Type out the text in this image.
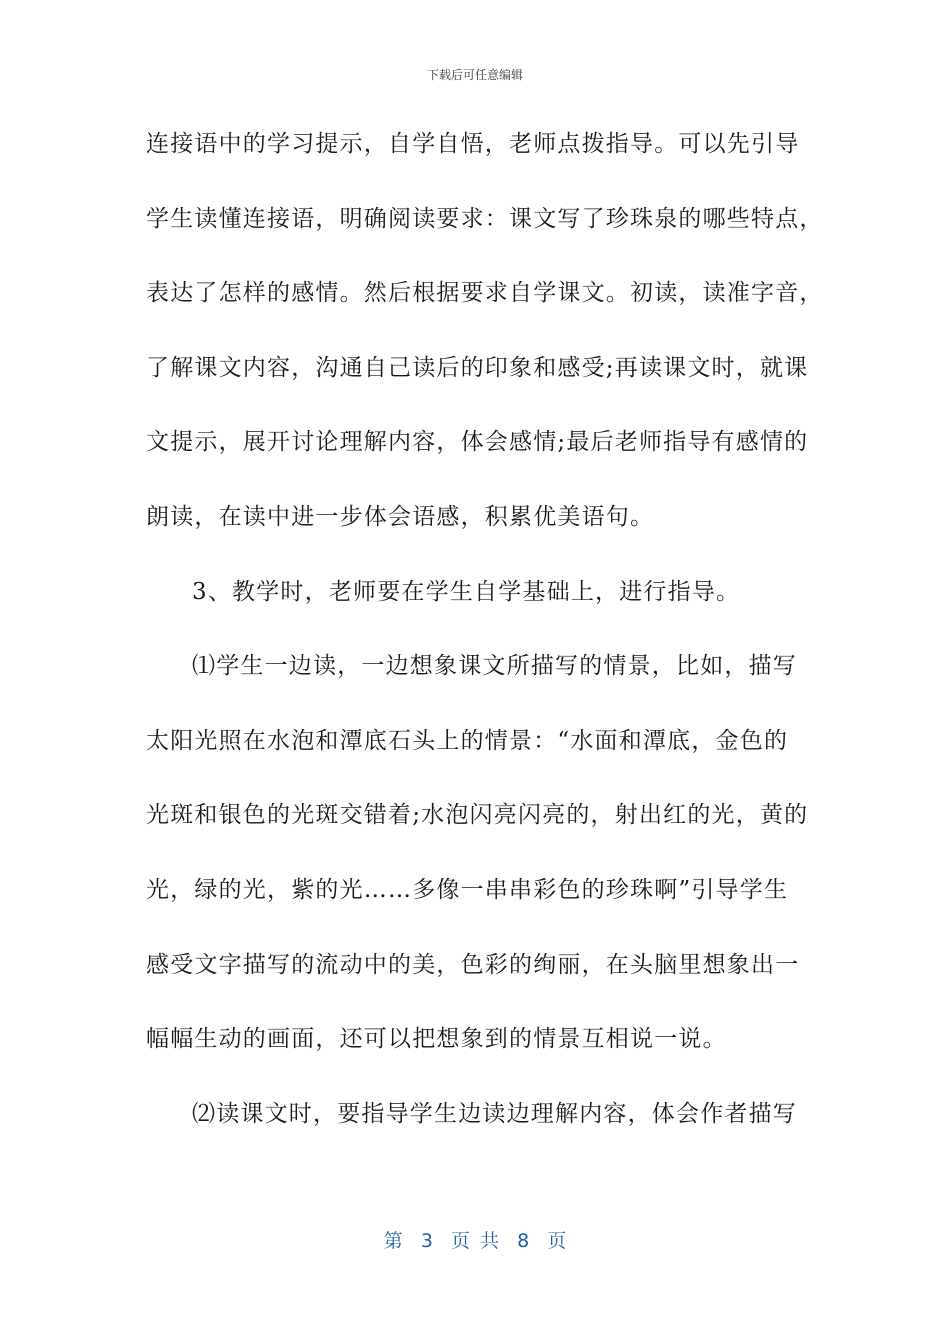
下载后可任意编辑
连接语中的学习提示，自学自悟，老师点拨指导。可以先引导
学生读懂连接语，明确阅读要求：课文写了珍珠泉的哪些特点，
表达了怎样的感情。然后根据要求自学课文。初读，读准字音，
了解课文内容，沟通自己读后的印象和感受;再读课文时，就课
文提示，展开讨论理解内容，体会感情;最后老师指导有感情的
朗读，在读中进一步体会语感，积累优美语句。
3、教学时，老师要在学生自学基础上，进行指导。
⑴学生一边读，一边想象课文所描写的情景，比如，描写
太阳光照在水泡和潭底石头上的情景：“水面和潭底，金色的
光斑和银色的光斑交错着;水泡闪亮闪亮的，射出红的光，黄的
光，绿的光，紫的光……多像一串串彩色的珍珠啊”引导学生
感受文字描写的流动中的美，色彩的绚丽，在头脑里想象出一
幅幅生动的画面，还可以把想象到的情景互相说一说。
⑵读课文时，要指导学生边读边理解内容，体会作者描写
第 3 页 共 8 页
